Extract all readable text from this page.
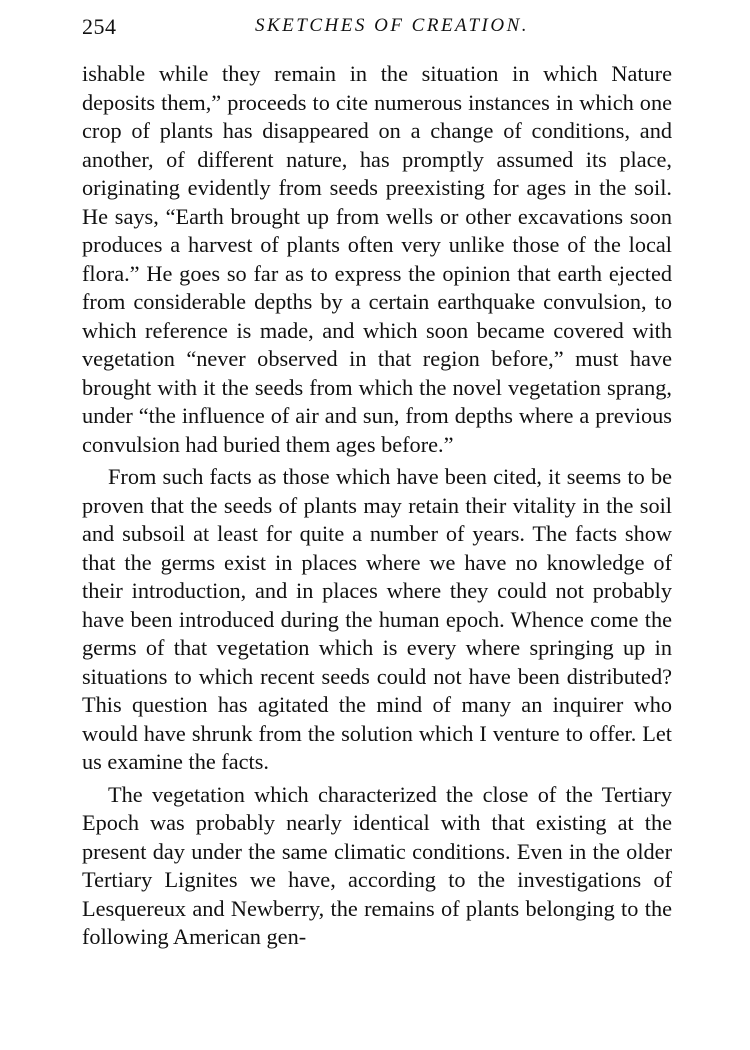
254	SKETCHES OF CREATION.

ishable while they remain in the situation in which Nature deposits them,” proceeds to cite numerous instances in which one crop of plants has disappeared on a change of conditions, and another, of different nature, has promptly assumed its place, originating evidently from seeds preexisting for ages in the soil. He says, “Earth brought up from wells or other excavations soon produces a harvest of plants often very unlike those of the local flora.” He goes so far as to express the opinion that earth ejected from considerable depths by a certain earthquake convulsion, to which reference is made, and which soon became covered with vegetation “never observed in that region before,” must have brought with it the seeds from which the novel vegetation sprang, under “the influence of air and sun, from depths where a previous convulsion had buried them ages before.”

From such facts as those which have been cited, it seems to be proven that the seeds of plants may retain their vitality in the soil and subsoil at least for quite a number of years. The facts show that the germs exist in places where we have no knowledge of their introduction, and in places where they could not probably have been introduced during the human epoch. Whence come the germs of that vegetation which is every where springing up in situations to which recent seeds could not have been distributed? This question has agitated the mind of many an inquirer who would have shrunk from the solution which I venture to offer. Let us examine the facts.

The vegetation which characterized the close of the Tertiary Epoch was probably nearly identical with that existing at the present day under the same climatic conditions. Even in the older Tertiary Lignites we have, according to the investigations of Lesquereux and Newberry, the remains of plants belonging to the following American gen-
